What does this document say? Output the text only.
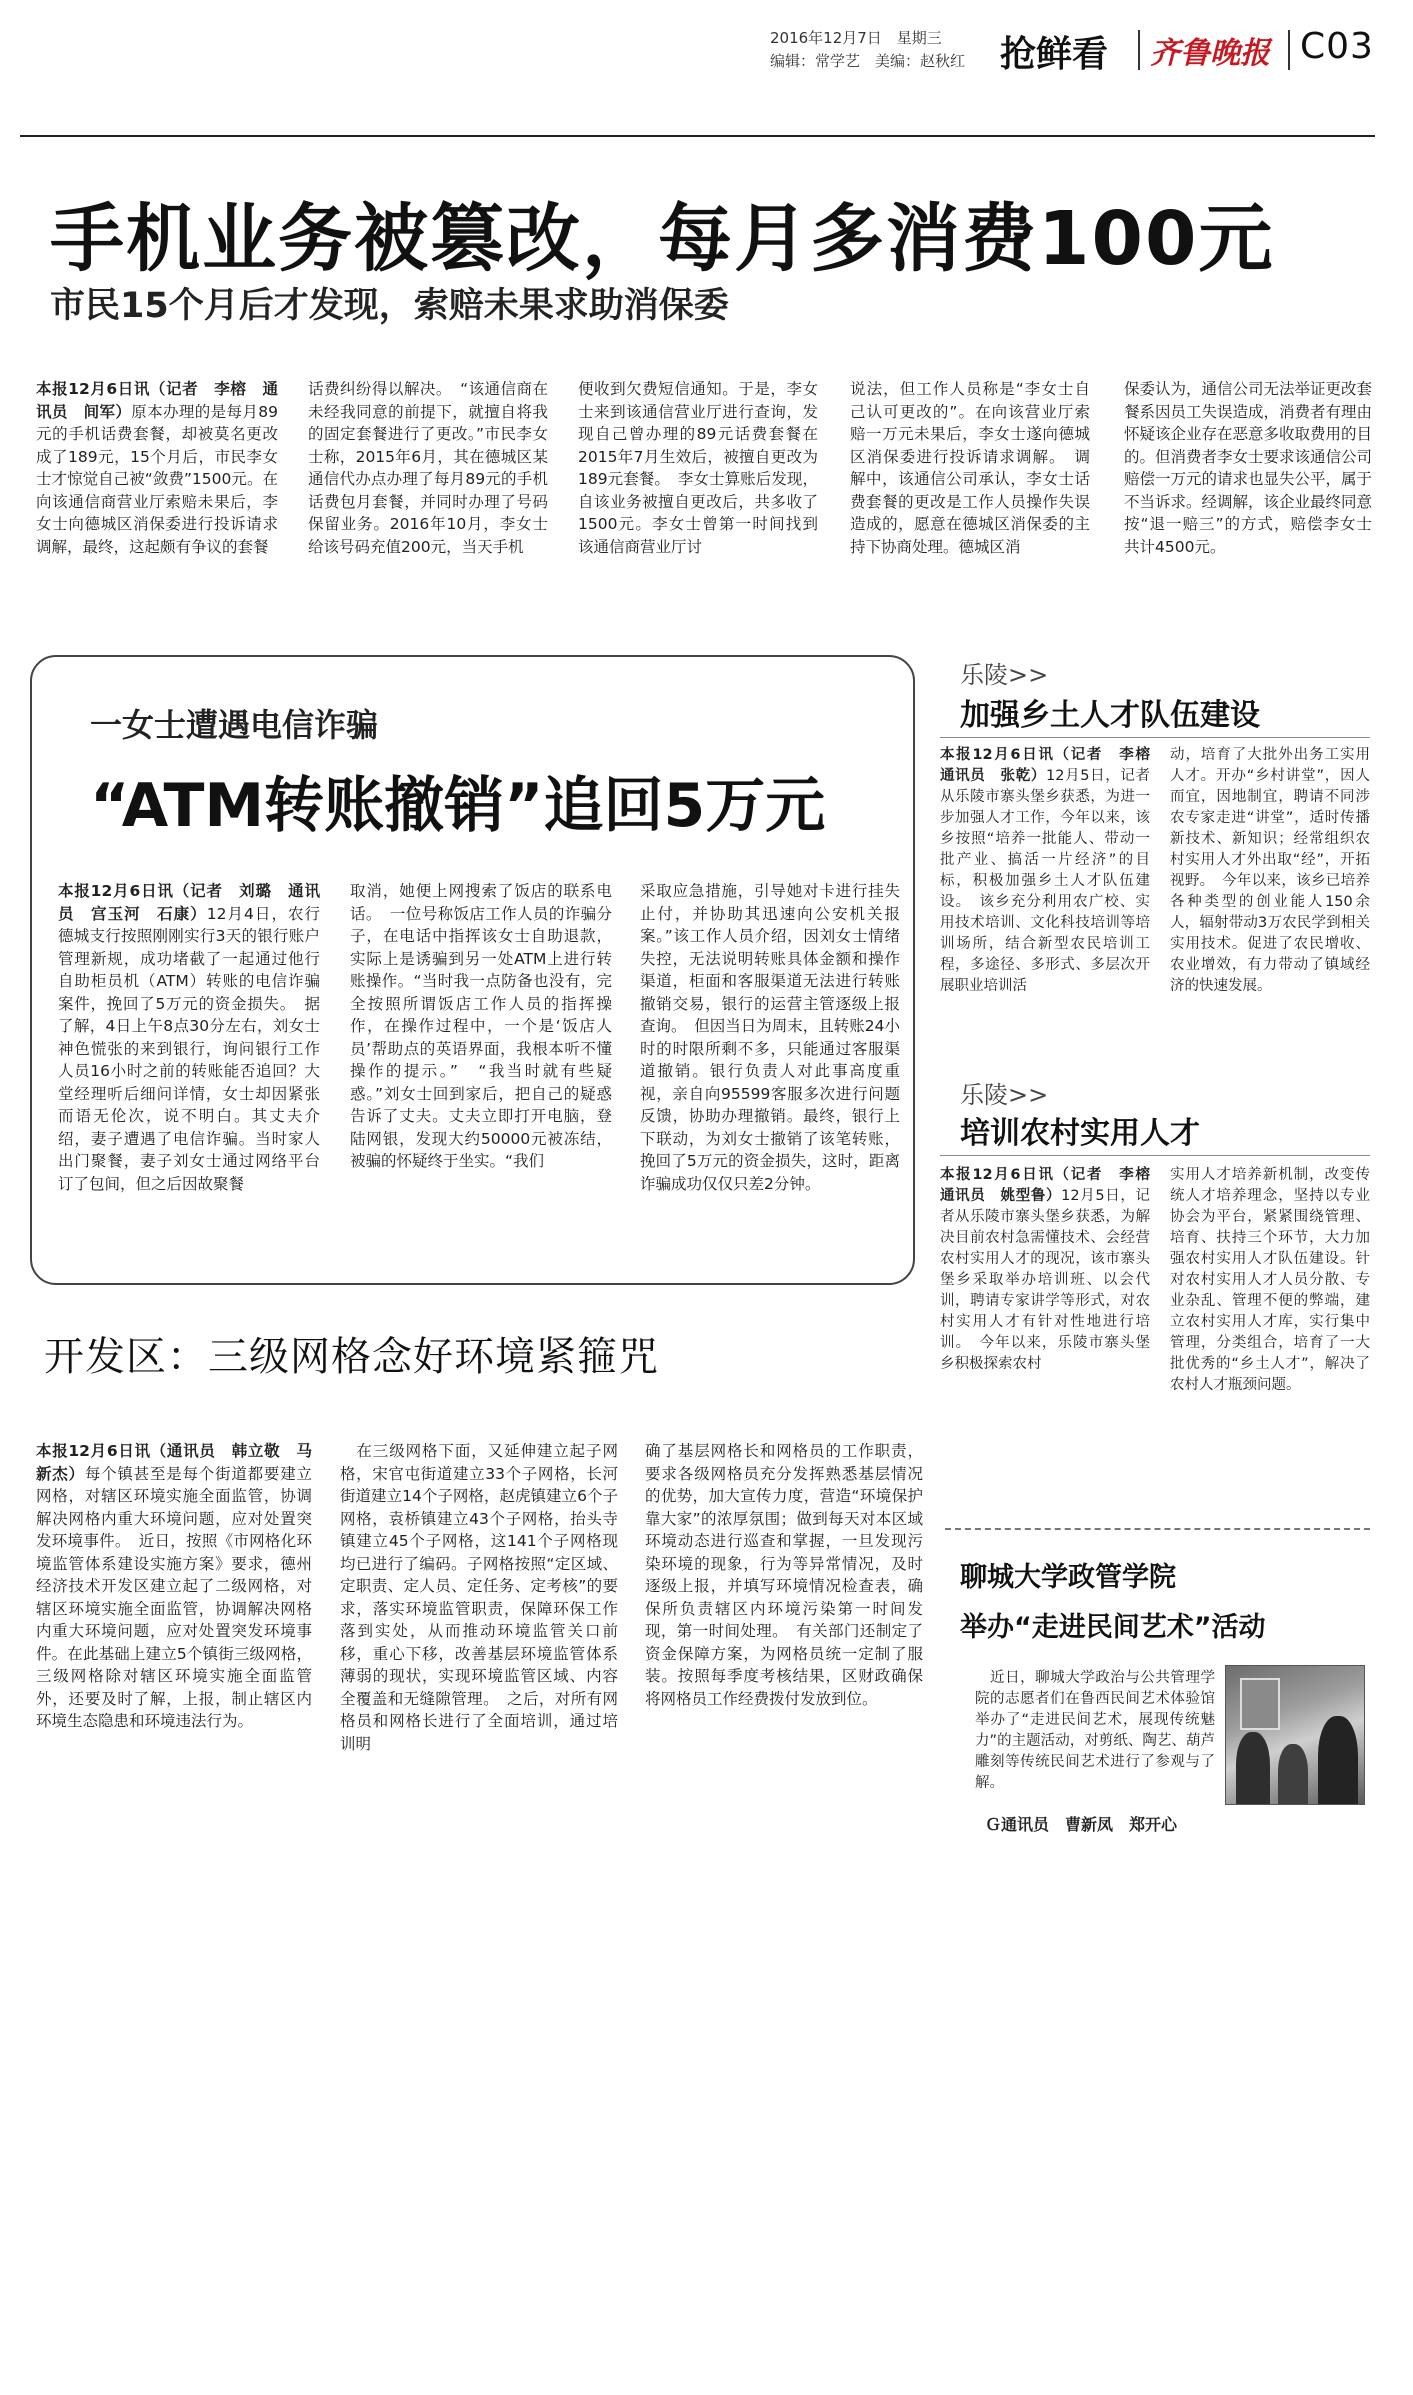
2016年12月7日　星期三
编辑：常学艺　美编：赵秋红 抢鲜看 齐鲁晚报 C03
手机业务被篡改，每月多消费100元
市民15个月后才发现，索赔未果求助消保委
本报12月6日讯（记者　李榕　通讯员　间军）原本办理的是每月89元的手机话费套餐，却被莫名更改成了189元，15个月后，市民李女士才惊觉自己被“敛费”1500元。在向该通信商营业厅索赔未果后，李女士向德城区消保委进行投诉请求调解，最终，这起颇有争议的套餐
话费纠纷得以解决。　“该通信商在未经我同意的前提下，就擅自将我的固定套餐进行了更改。”市民李女士称，2015年6月，其在德城区某通信代办点办理了每月89元的手机话费包月套餐，并同时办理了号码保留业务。2016年10月，李女士给该号码充值200元，当天手机
便收到欠费短信通知。于是，李女士来到该通信营业厅进行查询，发现自己曾办理的89元话费套餐在2015年7月生效后，被擅自更改为189元套餐。　李女士算账后发现，自该业务被擅自更改后，共多收了1500元。李女士曾第一时间找到该通信商营业厅讨
说法，但工作人员称是“李女士自己认可更改的”。在向该营业厅索赔一万元未果后，李女士遂向德城区消保委进行投诉请求调解。　调解中，该通信公司承认，李女士话费套餐的更改是工作人员操作失误造成的，愿意在德城区消保委的主持下协商处理。德城区消
保委认为，通信公司无法举证更改套餐系因员工失误造成，消费者有理由怀疑该企业存在恶意多收取费用的目的。但消费者李女士要求该通信公司赔偿一万元的请求也显失公平，属于不当诉求。经调解，该企业最终同意按“退一赔三”的方式，赔偿李女士共计4500元。
一女士遭遇电信诈骗
“ATM转账撤销”追回5万元
本报12月6日讯（记者　刘璐　通讯员　宫玉河　石康）12月4日，农行德城支行按照刚刚实行3天的银行账户管理新规，成功堵截了一起通过他行自助柜员机（ATM）转账的电信诈骗案件，挽回了5万元的资金损失。　据了解，4日上午8点30分左右，刘女士神色慌张的来到银行，询问银行工作人员16小时之前的转账能否追回？大堂经理听后细问详情，女士却因紧张而语无伦次，说不明白。其丈夫介绍，妻子遭遇了电信诈骗。当时家人出门聚餐，妻子刘女士通过网络平台订了包间，但之后因故聚餐
取消，她便上网搜索了饭店的联系电话。　一位号称饭店工作人员的诈骗分子，在电话中指挥该女士自助退款，实际上是诱骗到另一处ATM上进行转账操作。“当时我一点防备也没有，完全按照所谓饭店工作人员的指挥操作，在操作过程中，一个是‘饭店人员’帮助点的英语界面，我根本听不懂操作的提示。”　“我当时就有些疑惑。”刘女士回到家后，把自己的疑惑告诉了丈夫。丈夫立即打开电脑，登陆网银，发现大约50000元被冻结，被骗的怀疑终于坐实。“我们
采取应急措施，引导她对卡进行挂失止付，并协助其迅速向公安机关报案。”该工作人员介绍，因刘女士情绪失控，无法说明转账具体金额和操作渠道，柜面和客服渠道无法进行转账撤销交易，银行的运营主管逐级上报查询。　但因当日为周末，且转账24小时的时限所剩不多，只能通过客服渠道撤销。银行负责人对此事高度重视，亲自向95599客服多次进行问题反馈，协助办理撤销。最终，银行上下联动，为刘女士撤销了该笔转账，挽回了5万元的资金损失，这时，距离诈骗成功仅仅只差2分钟。
开发区：三级网格念好环境紧箍咒
本报12月6日讯（通讯员　韩立敬　马新杰）每个镇甚至是每个街道都要建立网格，对辖区环境实施全面监管，协调解决网格内重大环境问题，应对处置突发环境事件。　近日，按照《市网格化环境监管体系建设实施方案》要求，德州经济技术开发区建立起了二级网格，对辖区环境实施全面监管，协调解决网格内重大环境问题，应对处置突发环境事件。在此基础上建立5个镇街三级网格，三级网格除对辖区环境实施全面监管外，还要及时了解，上报，制止辖区内环境生态隐患和环境违法行为。
　在三级网格下面，又延伸建立起子网格，宋官屯街道建立33个子网格，长河街道建立14个子网格，赵虎镇建立6个子网格，袁桥镇建立43个子网格，抬头寺镇建立45个子网格，这141个子网格现均已进行了编码。子网格按照“定区域、定职责、定人员、定任务、定考核”的要求，落实环境监管职责，保障环保工作落到实处，从而推动环境监管关口前移，重心下移，改善基层环境监管体系薄弱的现状，实现环境监管区域、内容全覆盖和无缝隙管理。　之后，对所有网格员和网格长进行了全面培训，通过培训明
确了基层网格长和网格员的工作职责，要求各级网格员充分发挥熟悉基层情况的优势，加大宣传力度，营造“环境保护靠大家”的浓厚氛围；做到每天对本区域环境动态进行巡查和掌握，一旦发现污染环境的现象，行为等异常情况，及时逐级上报，并填写环境情况检查表，确保所负责辖区内环境污染第一时间发现，第一时间处理。　有关部门还制定了资金保障方案，为网格员统一定制了服装。按照每季度考核结果，区财政确保将网格员工作经费拨付发放到位。
乐陵>>
加强乡土人才队伍建设
本报12月6日讯（记者　李榕　通讯员　张乾）12月5日，记者从乐陵市寨头堡乡获悉，为进一步加强人才工作，今年以来，该乡按照“培养一批能人、带动一批产业、搞活一片经济”的目标，积极加强乡土人才队伍建设。　该乡充分利用农广校、实用技术培训、文化科技培训等培训场所，结合新型农民培训工程，多途径、多形式、多层次开展职业培训活
动，培育了大批外出务工实用人才。开办“乡村讲堂”，因人而宜，因地制宜，聘请不同涉农专家走进“讲堂”，适时传播新技术、新知识；经常组织农村实用人才外出取“经”，开拓视野。　今年以来，该乡已培养各种类型的创业能人150余人，辐射带动3万农民学到相关实用技术。促进了农民增收、农业增效，有力带动了镇域经济的快速发展。
乐陵>>
培训农村实用人才
本报12月6日讯（记者　李榕　通讯员　姚型鲁）12月5日，记者从乐陵市寨头堡乡获悉，为解决目前农村急需懂技术、会经营农村实用人才的现况，该市寨头堡乡采取举办培训班、以会代训，聘请专家讲学等形式，对农村实用人才有针对性地进行培训。　今年以来，乐陵市寨头堡乡积极探索农村
实用人才培养新机制，改变传统人才培养理念，坚持以专业协会为平台，紧紧围绕管理、培育、扶持三个环节，大力加强农村实用人才队伍建设。针对农村实用人才人员分散、专业杂乱、管理不便的弊端，建立农村实用人才库，实行集中管理，分类组合，培育了一大批优秀的“乡土人才”，解决了农村人才瓶颈问题。
聊城大学政管学院
举办“走进民间艺术”活动
　近日，聊城大学政治与公共管理学院的志愿者们在鲁西民间艺术体验馆举办了“走进民间艺术，展现传统魅力”的主题活动，对剪纸、陶艺、葫芦雕刻等传统民间艺术进行了参观与了解。
Ｇ通讯员　曹新凤　郑开心
